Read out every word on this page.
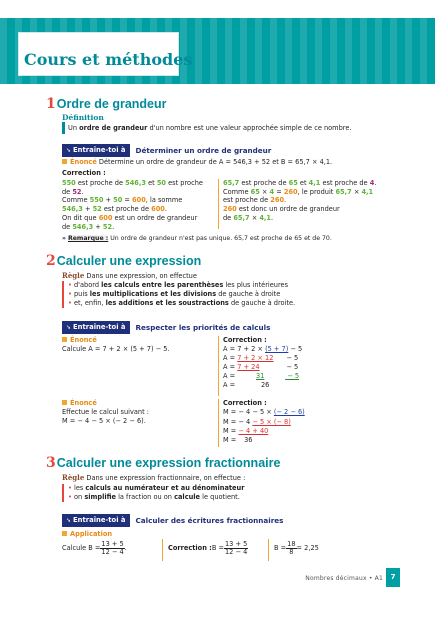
Cours et méthodes
1 Ordre de grandeur
Définition
Un ordre de grandeur d'un nombre est une valeur approchée simple de ce nombre.
➘ Entraîne-toi à	Déterminer un ordre de grandeur
Énoncé Détermine un ordre de grandeur de A = 546,3 + 52 et B = 65,7 × 4,1.
Correction :
550 est proche de 546,3 et 50 est proche
de 52.
Comme 550 + 50 = 600, la somme
546,3 + 52 est proche de 600.
On dit que 600 est un ordre de grandeur
de 546,3 + 52.
65,7 est proche de 65 et 4,1 est proche de 4.
Comme 65 × 4 = 260, le produit 65,7 × 4,1
est proche de 260.
260 est donc un ordre de grandeur
de 65,7 × 4,1.
» Remarque : Un ordre de grandeur n'est pas unique. 65,7 est proche de 65 et de 70.
2 Calculer une expression
Règle Dans une expression, on effectue
• d'abord les calculs entre les parenthèses les plus intérieures
• puis les multiplications et les divisions de gauche à droite
• et, enfin, les additions et les soustractions de gauche à droite.
➘ Entraîne-toi à	Respecter les priorités de calculs
Énoncé
Calcule A = 7 + 2 × (5 + 7) − 5.
Correction :
A = 7 + 2 × (5 + 7) − 5
A = 7 + 2 × 12 − 5
A = 7 + 24	− 5
A =	31	− 5
A =	26
Énoncé
Effectue le calcul suivant :
M = − 4 − 5 × (− 2 − 6).
Correction :
M = − 4 − 5 × (− 2 − 6)
M = − 4 − 5 × (− 8)
M = − 4 + 40
M = 36
3 Calculer une expression fractionnaire
Règle Dans une expression fractionnaire, on effectue :
• les calculs au numérateur et au dénominateur
• on simplifie la fraction ou on calcule le quotient.
➘ Entraîne-toi à	Calculer des écritures fractionnaires
Application
Calcule $B = \frac{13 + 5}{12 - 4}$ .	Correction : $B = \frac{13 + 5}{12 - 4}$	$B = \frac{18}{8} = 2,25$
Nombres décimaux • A1	7
